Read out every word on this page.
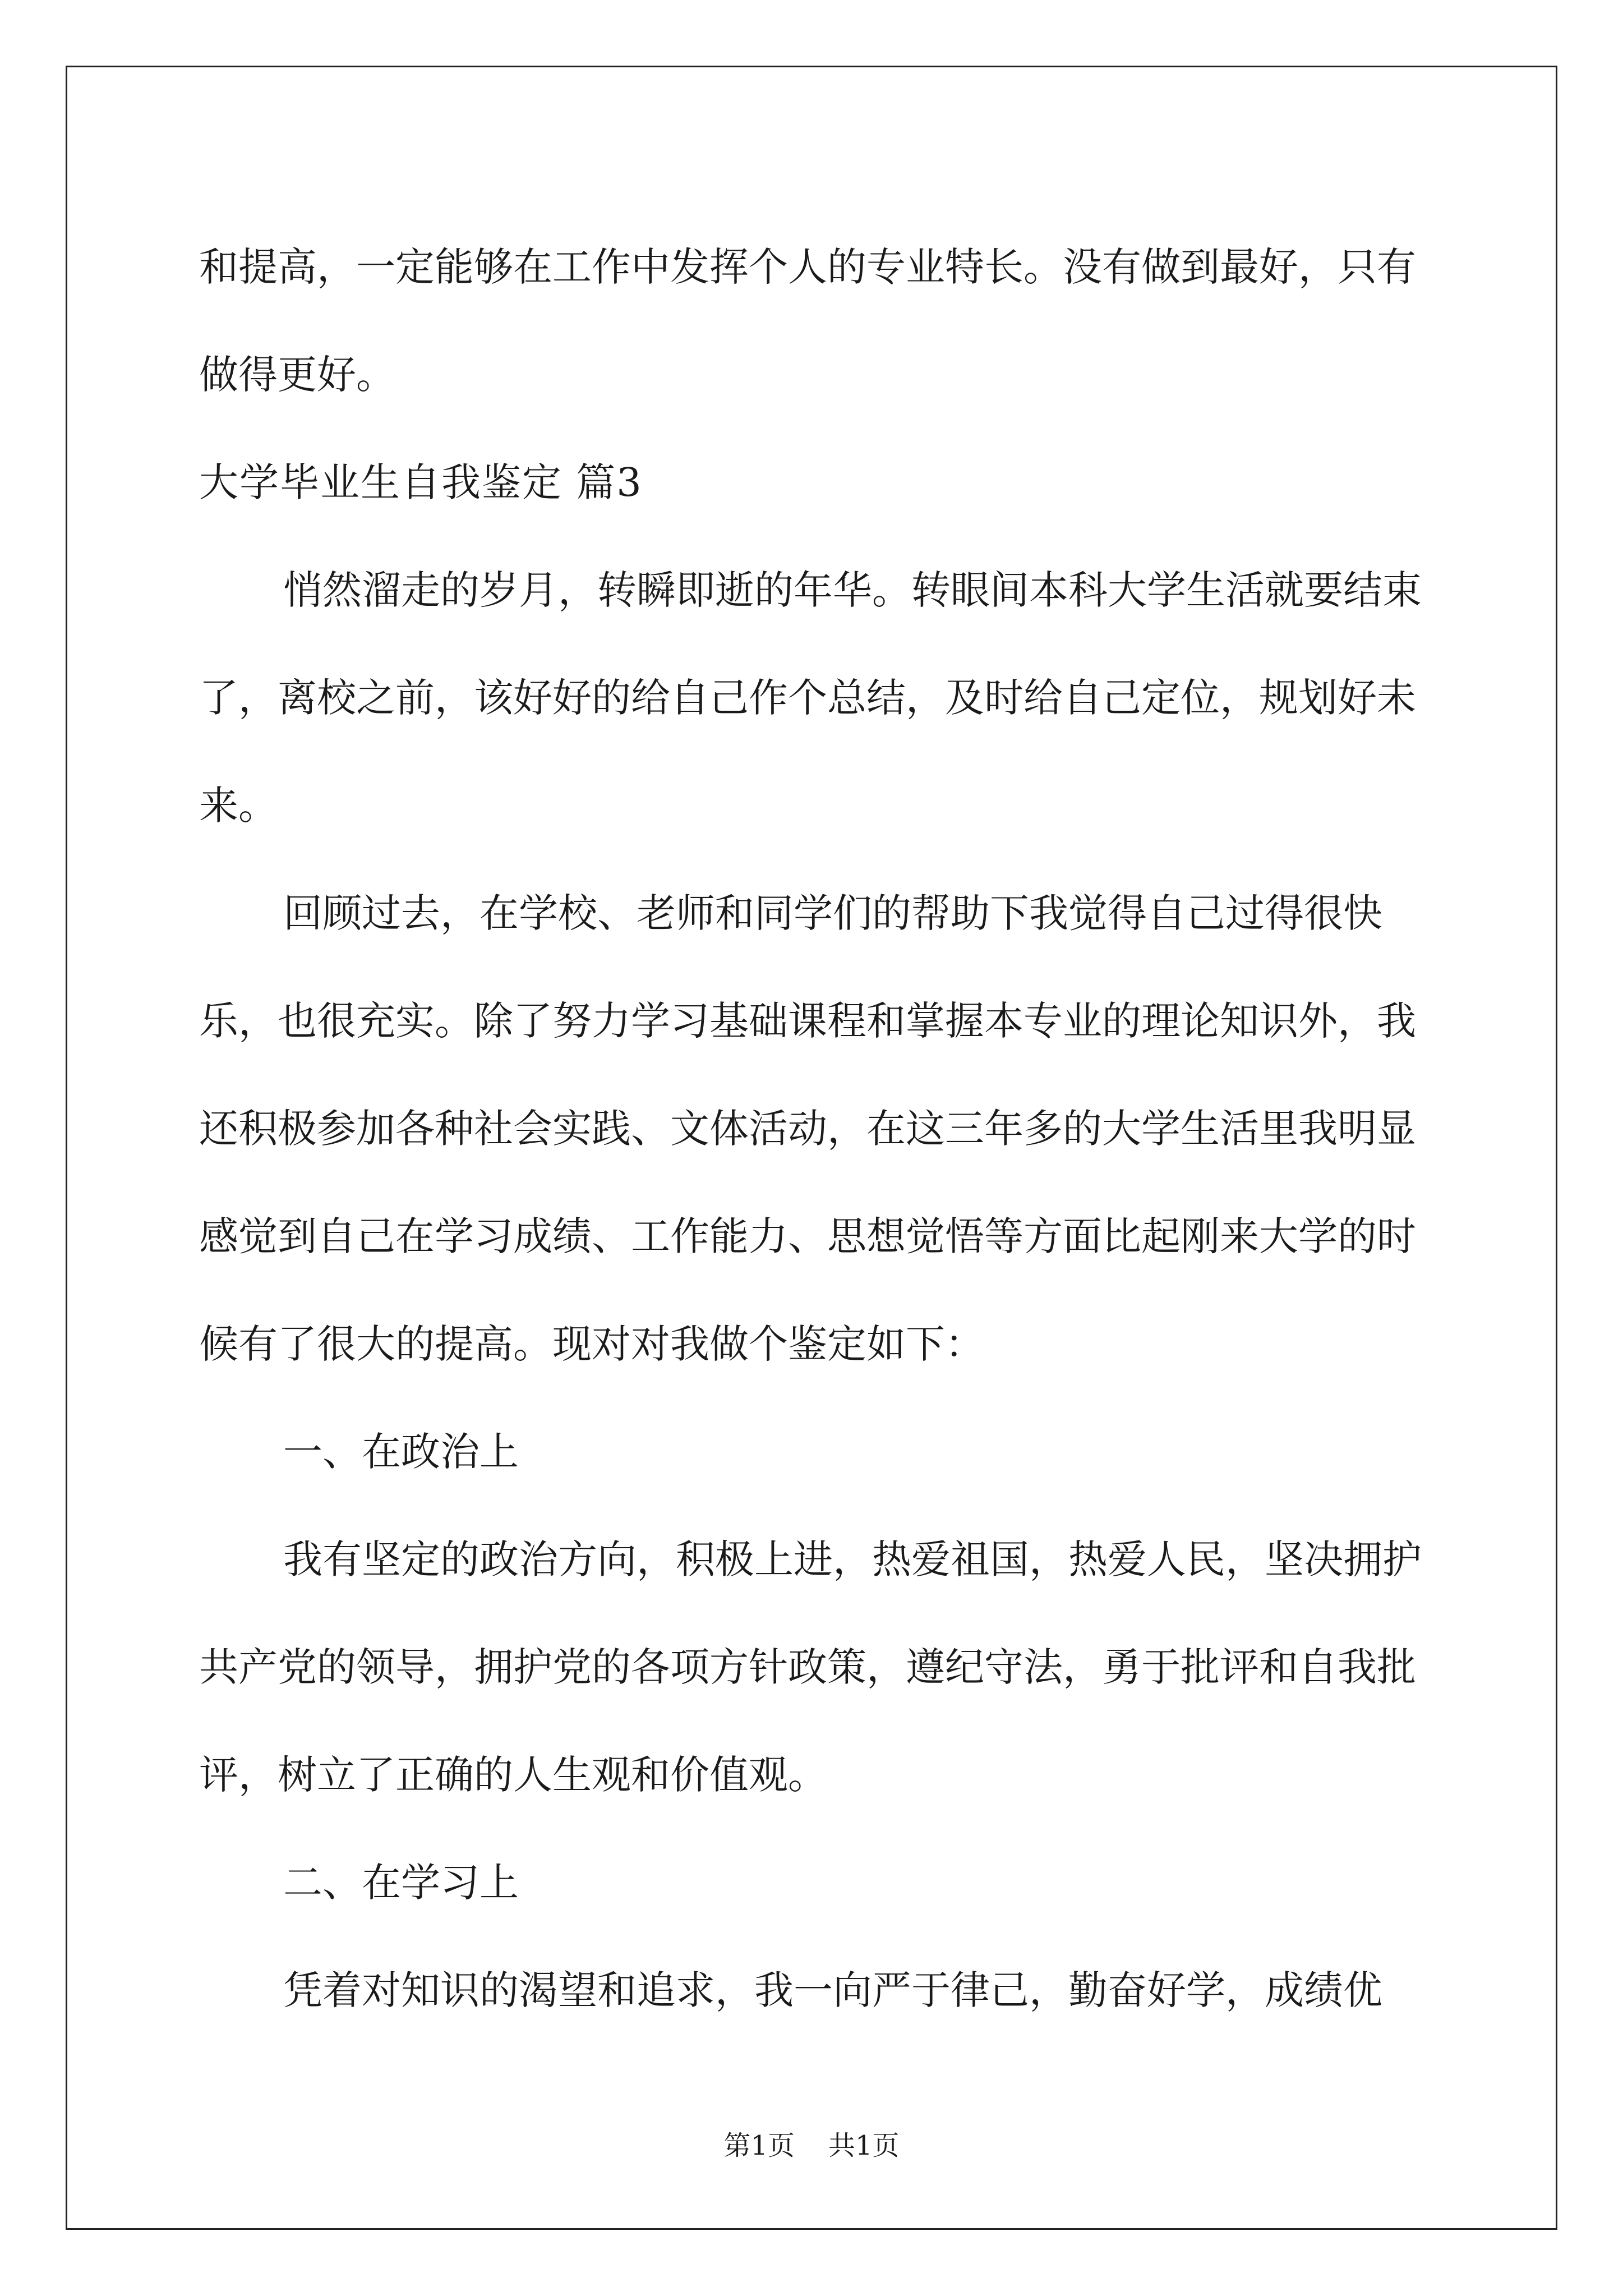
和提高，一定能够在工作中发挥个人的专业特长。没有做到最好，只有做得更好。

大学毕业生自我鉴定 篇3

悄然溜走的岁月，转瞬即逝的年华。转眼间本科大学生活就要结束了，离校之前，该好好的给自己作个总结，及时给自己定位，规划好未来。

回顾过去，在学校、老师和同学们的帮助下我觉得自己过得很快乐，也很充实。除了努力学习基础课程和掌握本专业的理论知识外，我还积极参加各种社会实践、文体活动，在这三年多的大学生活里我明显感觉到自己在学习成绩、工作能力、思想觉悟等方面比起刚来大学的时候有了很大的提高。现对对我做个鉴定如下：

一、在政治上

我有坚定的政治方向，积极上进，热爱祖国，热爱人民，坚决拥护共产党的领导，拥护党的各项方针政策，遵纪守法，勇于批评和自我批评，树立了正确的人生观和价值观。

二、在学习上

凭着对知识的渴望和追求，我一向严于律己，勤奋好学，成绩优

第1页 共1页
